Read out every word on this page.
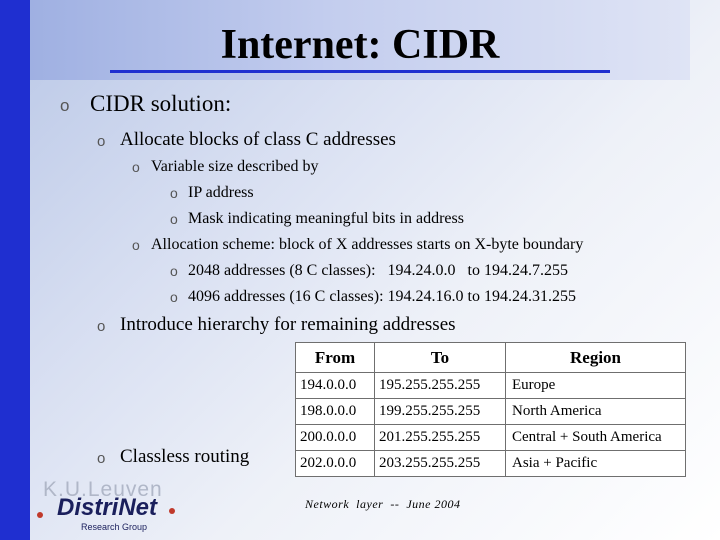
Internet: CIDR
o CIDR solution:
o Allocate blocks of class C addresses
o Variable size described by
o IP address
o Mask indicating meaningful bits in address
o Allocation scheme: block of X addresses starts on X-byte boundary
o 2048 addresses (8 C classes):   194.24.0.0   to 194.24.7.255
o 4096 addresses (16 C classes): 194.24.16.0 to 194.24.31.255
o Introduce hierarchy for remaining addresses
o Classless routing
From	To	Region
194.0.0.0	195.255.255.255	Europe
198.0.0.0	199.255.255.255	North America
200.0.0.0	201.255.255.255	Central + South America
202.0.0.0	203.255.255.255	Asia + Pacific
Network  layer  --  June 2004
K.U.Leuven
DistriNet
Research Group
